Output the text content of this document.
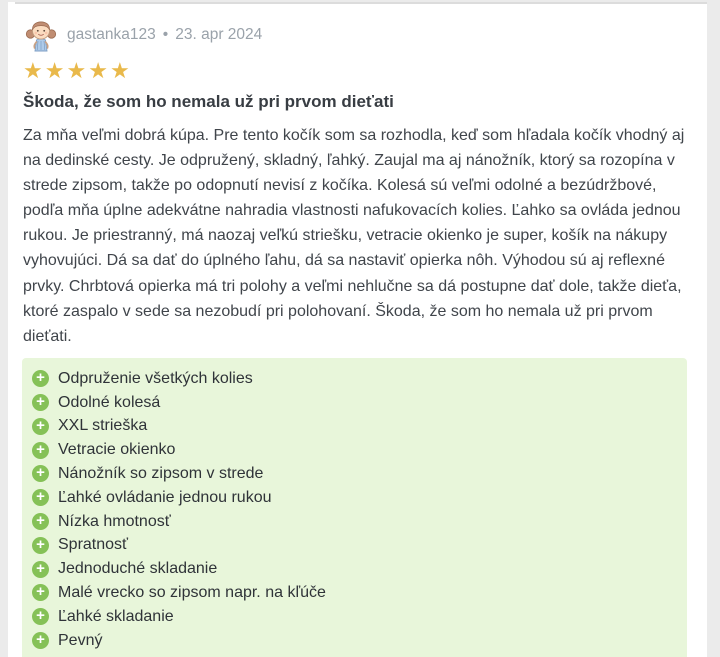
gastanka123 • 23. apr 2024
★★★★★
Škoda, že som ho nemala už pri prvom dieťati
Za mňa veľmi dobrá kúpa. Pre tento kočík som sa rozhodla, keď som hľadala kočík vhodný aj na dedinské cesty. Je odpružený, skladný, ľahký. Zaujal ma aj nánožník, ktorý sa rozopína v strede zipsom, takže po odopnutí nevisí z kočíka. Kolesá sú veľmi odolné a bezúdržbové, podľa mňa úplne adekvátne nahradia vlastnosti nafukovacích kolies. Ľahko sa ovláda jednou rukou. Je priestranný, má naozaj veľkú striešku, vetracie okienko je super, košík na nákupy vyhovujúci. Dá sa dať do úplného ľahu, dá sa nastaviť opierka nôh. Výhodou sú aj reflexné prvky. Chrbtová opierka má tri polohy a veľmi nehlučne sa dá postupne dať dole, takže dieťa, ktoré zaspalo v sede sa nezobudí pri polohovaní. Škoda, že som ho nemala už pri prvom dieťati.
+ Odpruženie všetkých kolies
+ Odolné kolesá
+ XXL strieška
+ Vetracie okienko
+ Nánožník so zipsom v strede
+ Ľahké ovládanie jednou rukou
+ Nízka hmotnosť
+ Spratnosť
+ Jednoduché skladanie
+ Malé vrecko so zipsom napr. na kľúče
+ Ľahké skladanie
+ Pevný
